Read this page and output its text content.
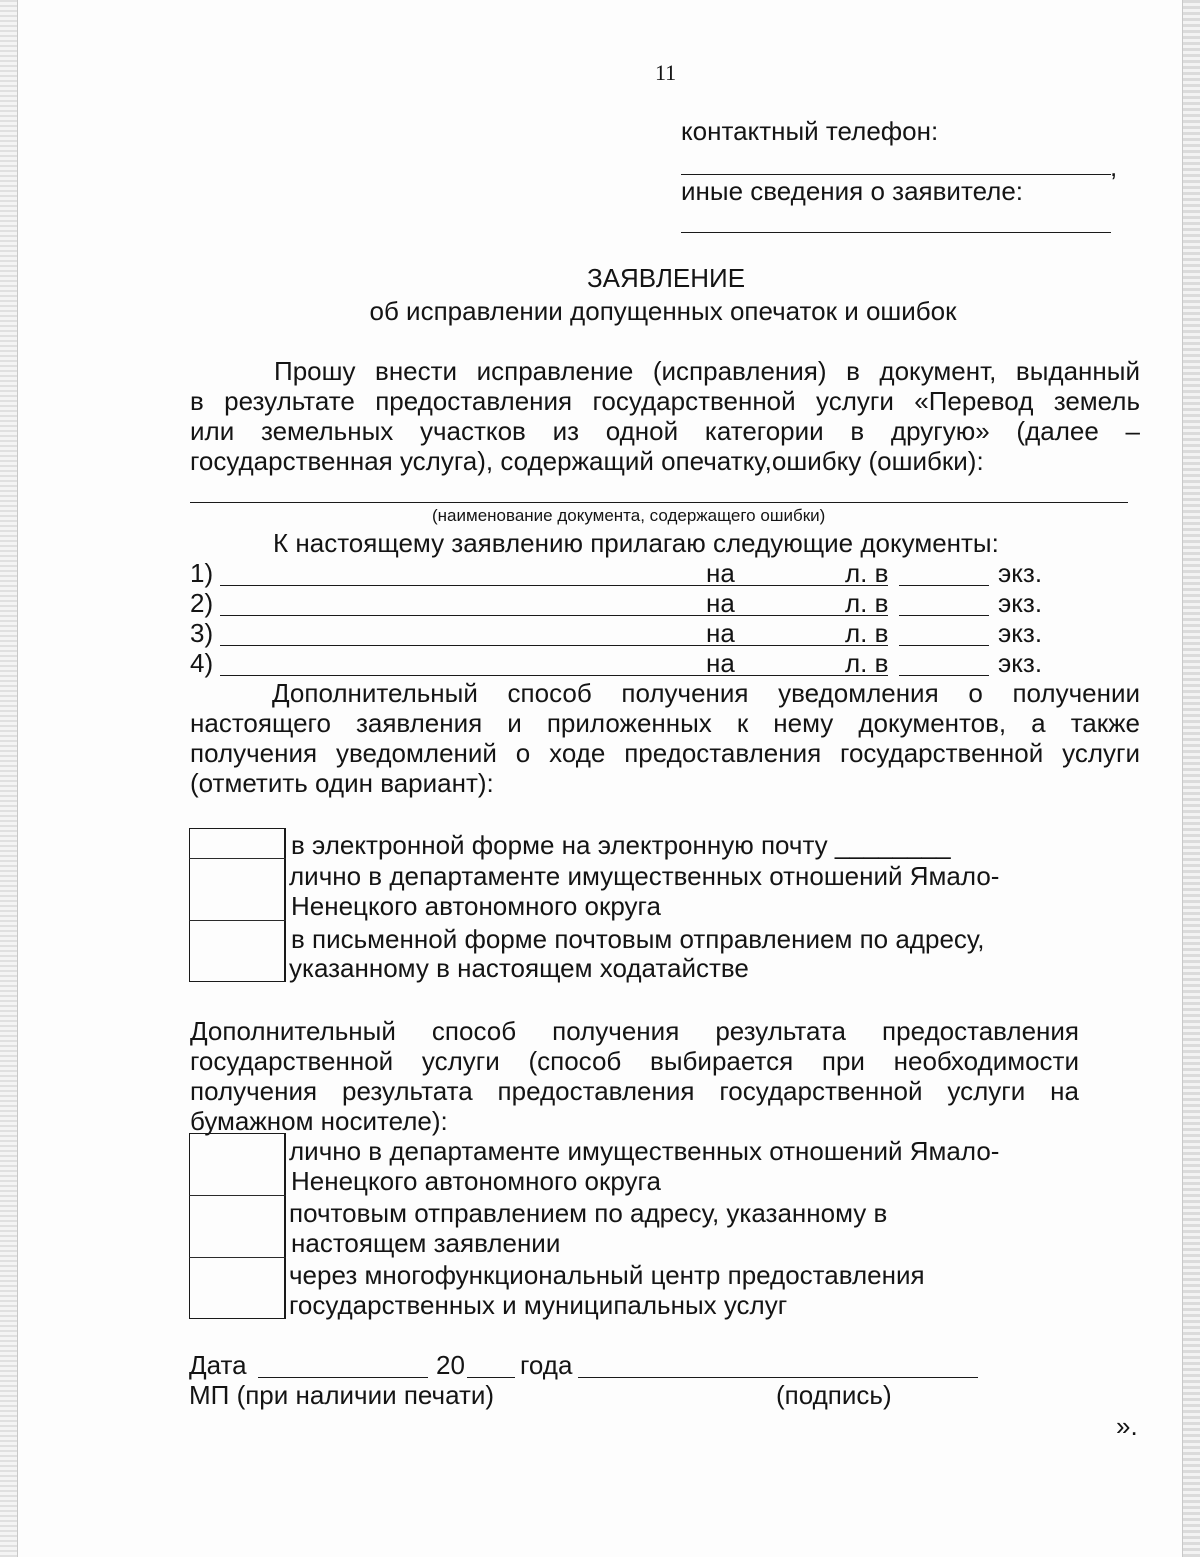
11
контактный телефон:
,
иные сведения о заявителе:
ЗАЯВЛЕНИЕ
об исправлении допущенных опечаток и ошибок
Прошу внести исправление (исправления) в документ, выданный
в результате предоставления государственной услуги «Перевод земель
или земельных участков из одной категории в другую» (далее –
государственная услуга), содержащий опечатку,ошибку (ошибки):
(наименование документа, содержащего ошибки)
К настоящему заявлению прилагаю следующие документы:
1)	на	л. в	экз.
2)	на	л. в	экз.
3)	на	л. в	экз.
4)	на	л. в	экз.
Дополнительный способ получения уведомления о получении
настоящего заявления и приложенных к нему документов, а также
получения уведомлений о ходе предоставления государственной услуги
(отметить один вариант):
в электронной форме на электронную почту ________
лично в департаменте имущественных отношений Ямало-
Ненецкого автономного округа
в письменной форме почтовым отправлением по адресу,
указанному в настоящем ходатайстве
Дополнительный способ получения результата предоставления
государственной услуги (способ выбирается при необходимости
получения результата предоставления государственной услуги на
бумажном носителе):
лично в департаменте имущественных отношений Ямало-
Ненецкого автономного округа
почтовым отправлением по адресу, указанному в
настоящем заявлении
через многофункциональный центр предоставления
государственных и муниципальных услуг
Дата	20 года
МП (при наличии печати)	(подпись)
».
